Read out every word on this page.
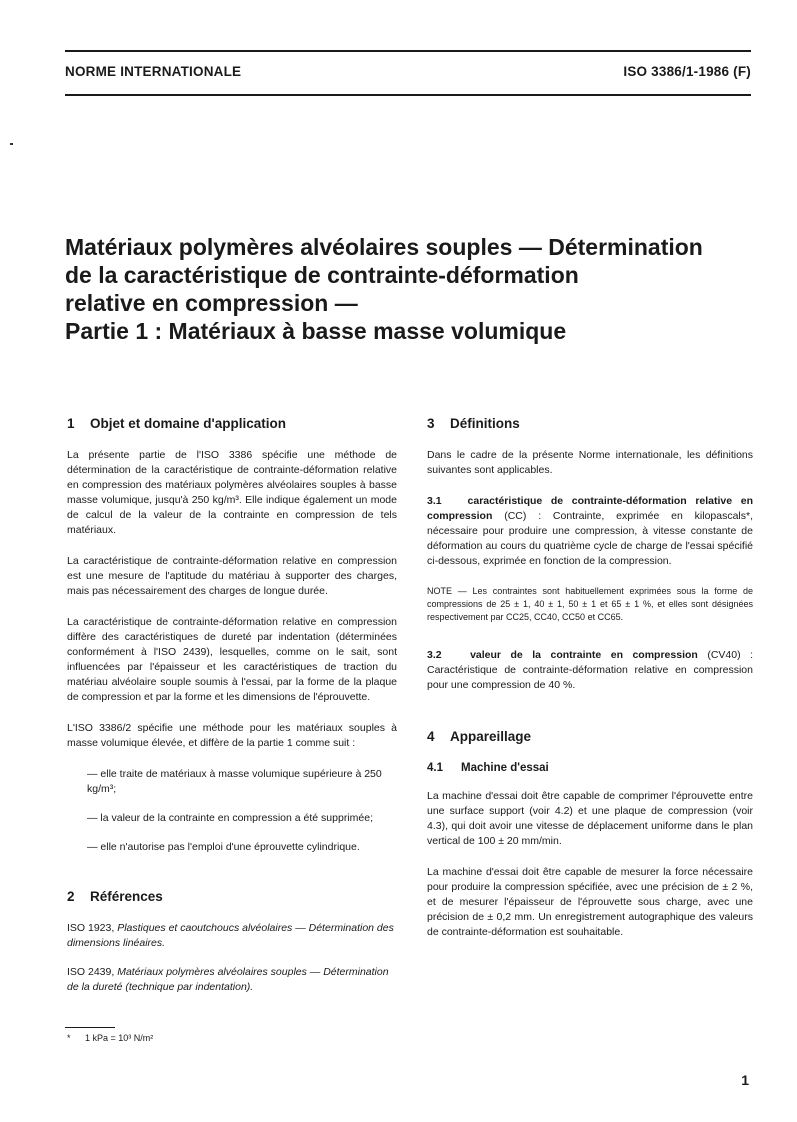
NORME INTERNATIONALE	ISO 3386/1-1986 (F)
Matériaux polymères alvéolaires souples — Détermination
de la caractéristique de contrainte-déformation
relative en compression —
Partie 1 : Matériaux à basse masse volumique
1 Objet et domaine d'application

La présente partie de l'ISO 3386 spécifie une méthode de détermination de la caractéristique de contrainte-déformation relative en compression des matériaux polymères alvéolaires souples à basse masse volumique, jusqu'à 250 kg/m³. Elle indique également un mode de calcul de la valeur de la contrainte en compression de tels matériaux.

La caractéristique de contrainte-déformation relative en compression est une mesure de l'aptitude du matériau à supporter des charges, mais pas nécessairement des charges de longue durée.

La caractéristique de contrainte-déformation relative en compression diffère des caractéristiques de dureté par indentation (déterminées conformément à l'ISO 2439), lesquelles, comme on le sait, sont influencées par l'épaisseur et les caractéristiques de traction du matériau alvéolaire souple soumis à l'essai, par la forme de la plaque de compression et par la forme et les dimensions de l'éprouvette.

L'ISO 3386/2 spécifie une méthode pour les matériaux souples à masse volumique élevée, et diffère de la partie 1 comme suit :

— elle traite de matériaux à masse volumique supérieure à 250 kg/m³;

— la valeur de la contrainte en compression a été supprimée;

— elle n'autorise pas l'emploi d'une éprouvette cylindrique.

2 Références

ISO 1923, Plastiques et caoutchoucs alvéolaires — Détermination des dimensions linéaires.

ISO 2439, Matériaux polymères alvéolaires souples — Détermination de la dureté (technique par indentation).

3 Définitions

Dans le cadre de la présente Norme internationale, les définitions suivantes sont applicables.

3.1 caractéristique de contrainte-déformation relative en compression (CC) : Contrainte, exprimée en kilopascals*, nécessaire pour produire une compression, à vitesse constante de déformation au cours du quatrième cycle de charge de l'essai spécifié ci-dessous, exprimée en fonction de la compression.

NOTE — Les contraintes sont habituellement exprimées sous la forme de compressions de 25 ± 1, 40 ± 1, 50 ± 1 et 65 ± 1 %, et elles sont désignées respectivement par CC25, CC40, CC50 et CC65.

3.2	valeur de la contrainte en compression (CV40) : Caractéristique de contrainte-déformation relative en compression pour une compression de 40 %.

4 Appareillage
4.1 Machine d'essai

La machine d'essai doit être capable de comprimer l'éprouvette entre une surface support (voir 4.2) et une plaque de compression (voir 4.3), qui doit avoir une vitesse de déplacement uniforme dans le plan vertical de 100 ± 20 mm/min.

La machine d'essai doit être capable de mesurer la force nécessaire pour produire la compression spécifiée, avec une précision de ± 2 %, et de mesurer l'épaisseur de l'éprouvette sous charge, avec une précision de ± 0,2 mm. Un enregistrement autographique des valeurs de contrainte-déformation est souhaitable.

* 1 kPa = 10³ N/m²
1
